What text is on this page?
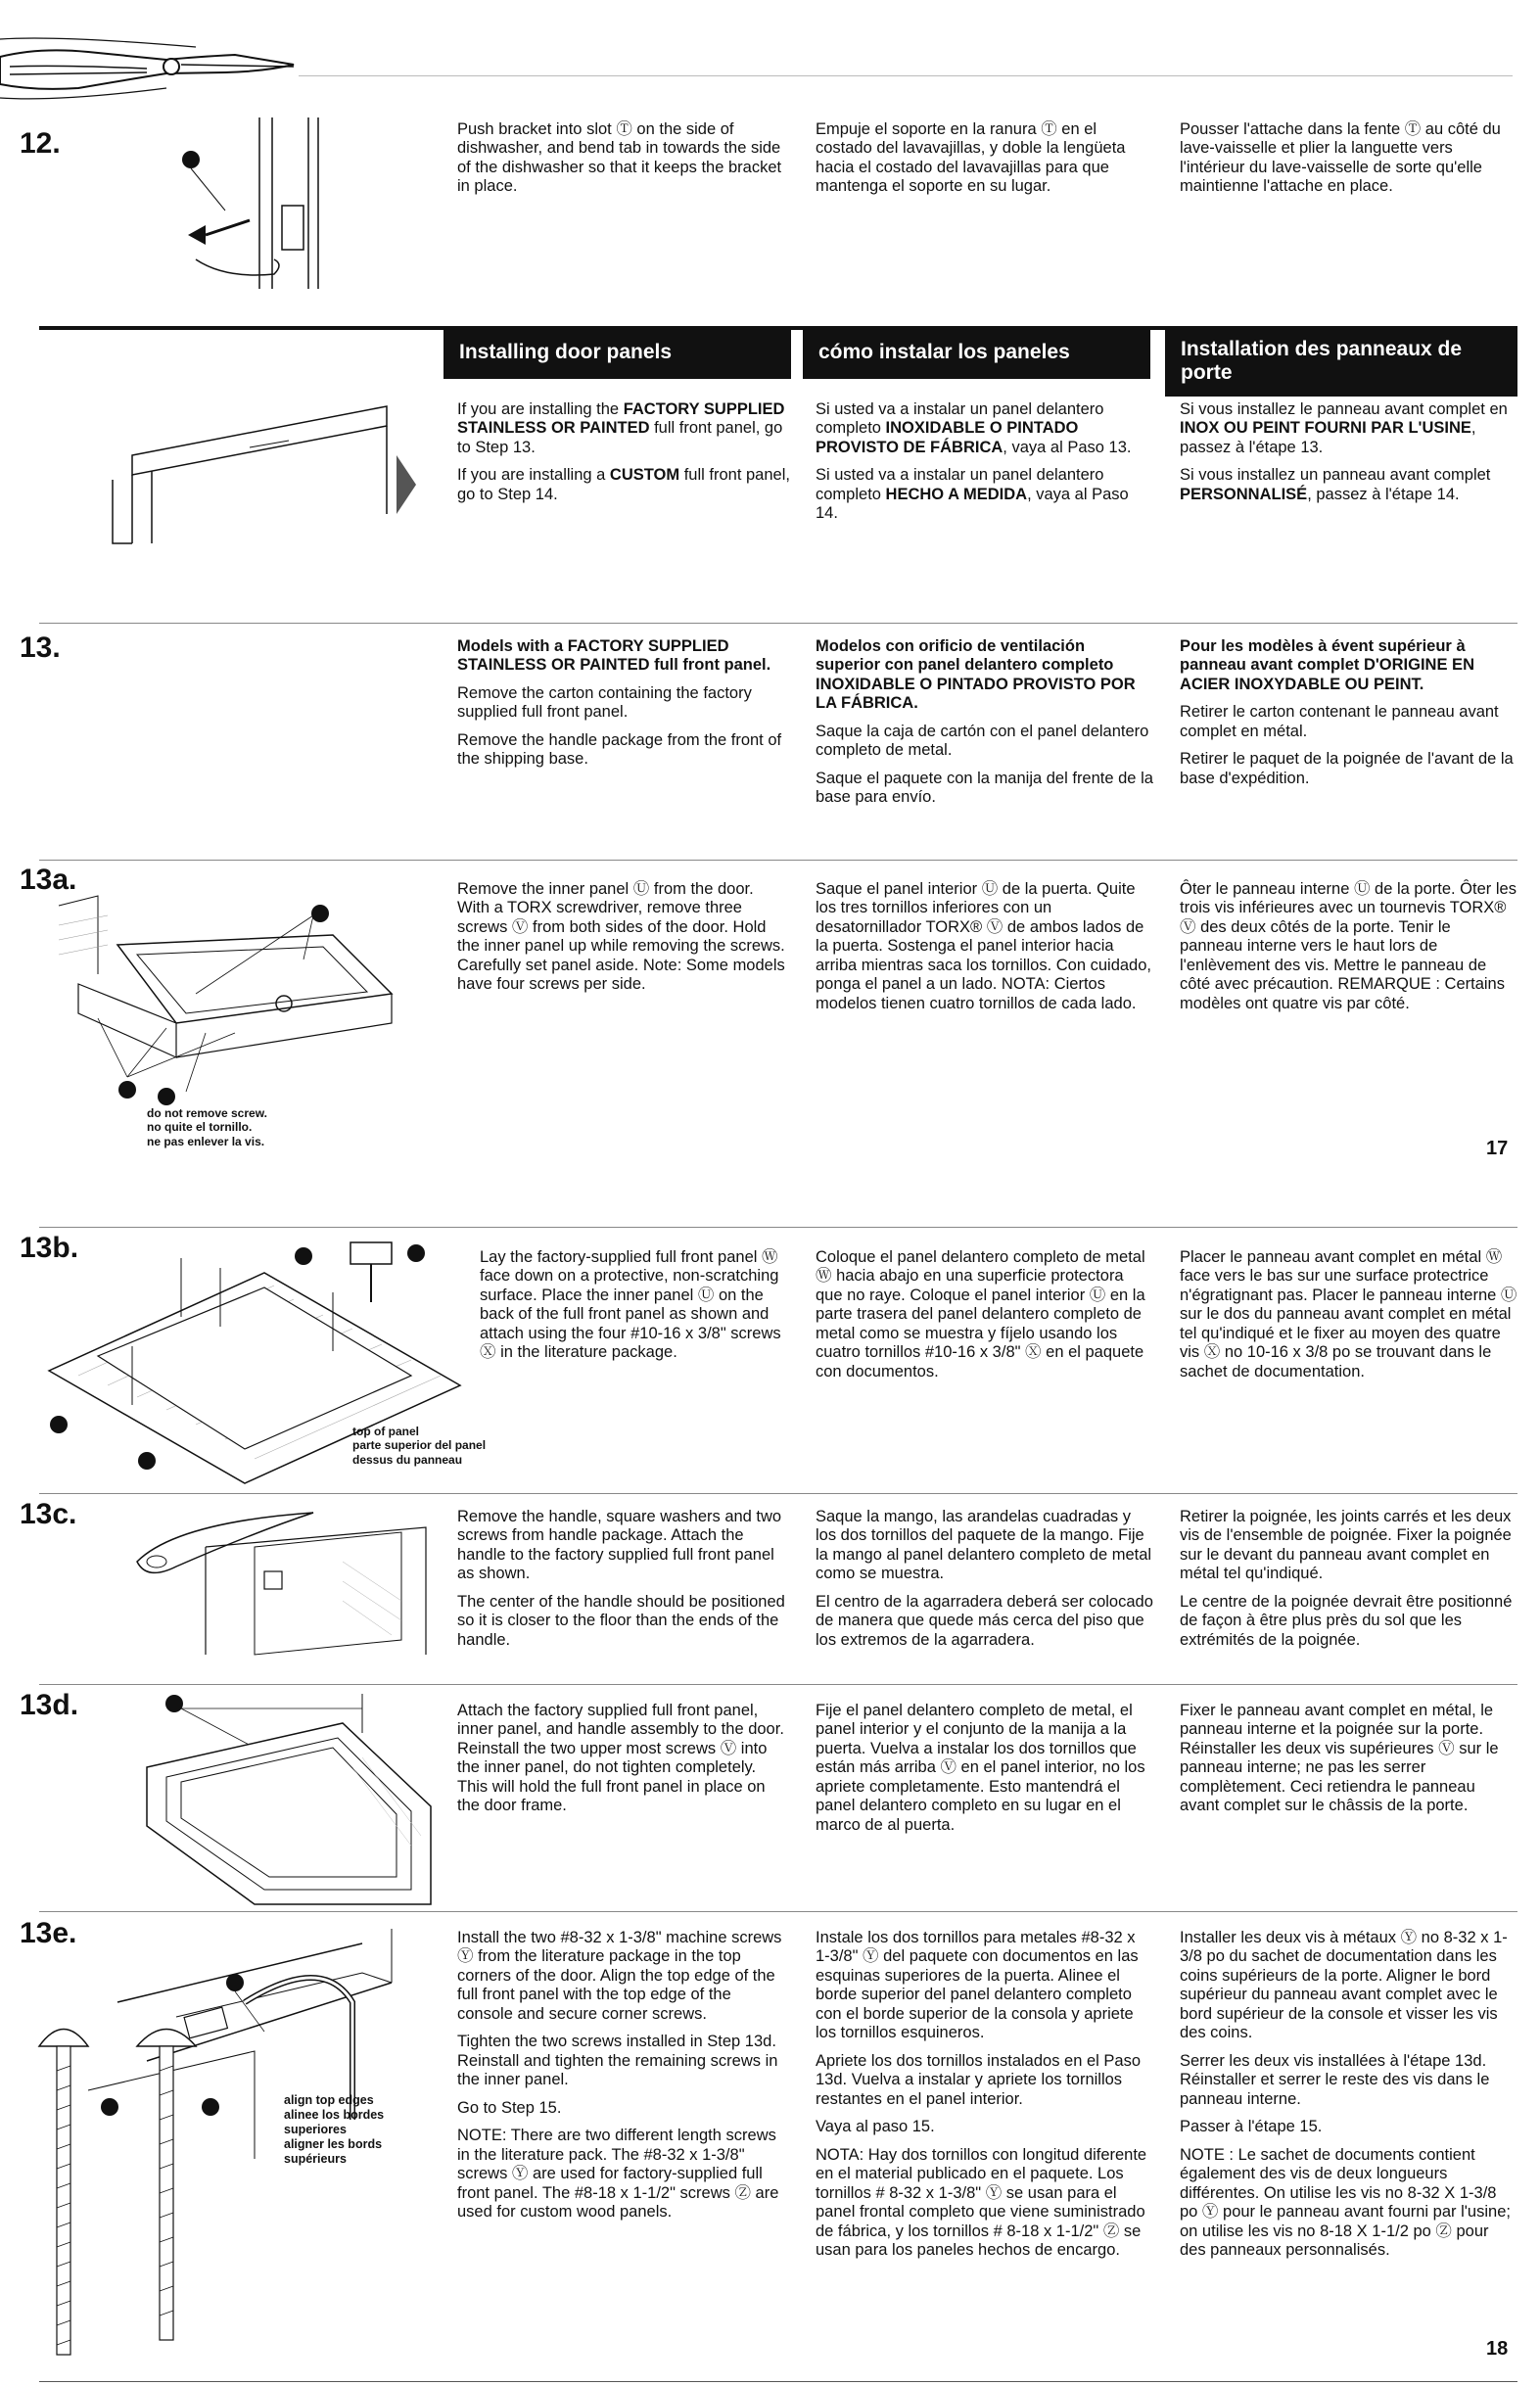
12.	Push bracket into slot Ⓣ on the side of dishwasher, and bend tab in towards the side of the dishwasher so that it keeps the bracket in place.
Empuje el soporte en la ranura Ⓣ en el costado del lavavajillas, y doble la lengüeta hacia el costado del lavavajillas para que mantenga el soporte en su lugar.
Pousser l'attache dans la fente Ⓣ au côté du lave-vaisselle et plier la languette vers l'intérieur du lave-vaisselle de sorte qu'elle maintienne l'attache en place.
Installing door panels	cómo instalar los paneles	Installation des panneaux de porte

If you are installing the FACTORY SUPPLIED STAINLESS OR PAINTED full front panel, go to Step 13.

If you are installing a CUSTOM full front panel, go to Step 14.

Si usted va a instalar un panel delantero completo INOXIDABLE O PINTADO PROVISTO DE FÁBRICA, vaya al Paso 13.

Si usted va a instalar un panel delantero completo HECHO A MEDIDA, vaya al Paso 14.

Si vous installez le panneau avant complet en INOX OU PEINT FOURNI PAR L'USINE, passez à l'étape 13.

Si vous installez un panneau avant complet PERSONNALISÉ, passez à l'étape 14.

13.	Models with a FACTORY SUPPLIED STAINLESS OR PAINTED full front panel.

Remove the carton containing the factory supplied full front panel.

Remove the handle package from the front of the shipping base.

Modelos con orificio de ventilación superior con panel delantero completo INOXIDABLE O PINTADO PROVISTO POR LA FÁBRICA.

Saque la caja de cartón con el panel delantero completo de metal.

Saque el paquete con la manija del frente de la base para envío.

Pour les modèles à évent supérieur à panneau avant complet D'ORIGINE EN ACIER INOXYDABLE OU PEINT.

Retirer le carton contenant le panneau avant complet en métal.

Retirer le paquet de la poignée de l'avant de la base d'expédition.

13a.
do not remove screw.
no quite el tornillo.
ne pas enlever la vis.
Remove the inner panel Ⓤ from the door. With a TORX screwdriver, remove three screws Ⓥ from both sides of the door. Hold the inner panel up while removing the screws. Carefully set panel aside. Note: Some models have four screws per side.
Saque el panel interior Ⓤ de la puerta. Quite los tres tornillos inferiores con un desatornillador TORX® Ⓥ de ambos lados de la puerta. Sostenga el panel interior hacia arriba mientras saca los tornillos. Con cuidado, ponga el panel a un lado. NOTA: Ciertos modelos tienen cuatro tornillos de cada lado.
Ôter le panneau interne Ⓤ de la porte. Ôter les trois vis inférieures avec un tournevis TORX® Ⓥ des deux côtés de la porte. Tenir le panneau interne vers le haut lors de l'enlèvement des vis. Mettre le panneau de côté avec précaution. REMARQUE : Certains modèles ont quatre vis par côté.
17
13b.
top of panel
parte superior del panel
dessus du panneau
Lay the factory-supplied full front panel Ⓦ face down on a protective, non-scratching surface. Place the inner panel Ⓤ on the back of the full front panel as shown and attach using the four #10-16 x 3/8" screws Ⓧ in the literature package.
Coloque el panel delantero completo de metal Ⓦ hacia abajo en una superficie protectora que no raye. Coloque el panel interior Ⓤ en la parte trasera del panel delantero completo de metal como se muestra y fíjelo usando los cuatro tornillos #10-16 x 3/8" Ⓧ en el paquete con documentos.
Placer le panneau avant complet en métal Ⓦ face vers le bas sur une surface protectrice n'égratignant pas. Placer le panneau interne Ⓤ sur le dos du panneau avant complet en métal tel qu'indiqué et le fixer au moyen des quatre vis Ⓧ no 10-16 x 3/8 po se trouvant dans le sachet de documentation.
13c.	Remove the handle, square washers and two screws from handle package. Attach the handle to the factory supplied full front panel as shown.

The center of the handle should be positioned so it is closer to the floor than the ends of the handle.

Saque la mango, las arandelas cuadradas y los dos tornillos del paquete de la mango. Fije la mango al panel delantero completo de metal como se muestra.

El centro de la agarradera deberá ser colocado de manera que quede más cerca del piso que los extremos de la agarradera.

Retirer la poignée, les joints carrés et les deux vis de l'ensemble de poignée. Fixer la poignée sur le devant du panneau avant complet en métal tel qu'indiqué.

Le centre de la poignée devrait être positionné de façon à être plus près du sol que les extrémités de la poignée.

13d.	Attach the factory supplied full front panel, inner panel, and handle assembly to the door. Reinstall the two upper most screws Ⓥ into the inner panel, do not tighten completely. This will hold the full front panel in place on the door frame.
Fije el panel delantero completo de metal, el panel interior y el conjunto de la manija a la puerta. Vuelva a instalar los dos tornillos que están más arriba Ⓥ en el panel interior, no los apriete completamente. Esto mantendrá el panel delantero completo en su lugar en el marco de al puerta.
Fixer le panneau avant complet en métal, le panneau interne et la poignée sur la porte. Réinstaller les deux vis supérieures Ⓥ sur le panneau interne; ne pas les serrer complètement. Ceci retiendra le panneau avant complet sur le châssis de la porte.
13e.
align top edges
alinee los bordes
superiores
aligner les bords
supérieurs

Install the two #8-32 x 1-3/8" machine screws Ⓨ from the literature package in the top corners of the door. Align the top edge of the full front panel with the top edge of the console and secure corner screws.

Tighten the two screws installed in Step 13d. Reinstall and tighten the remaining screws in the inner panel.

Go to Step 15.

NOTE: There are two different length screws in the literature pack. The #8-32 x 1-3/8" screws Ⓨ are used for factory-supplied full front panel. The #8-18 x 1-1/2" screws Ⓩ are used for custom wood panels.

Instale los dos tornillos para metales #8-32 x 1-3/8" Ⓨ del paquete con documentos en las esquinas superiores de la puerta. Alinee el borde superior del panel delantero completo con el borde superior de la consola y apriete los tornillos esquineros.

Apriete los dos tornillos instalados en el Paso 13d. Vuelva a instalar y apriete los tornillos restantes en el panel interior.

Vaya al paso 15.

NOTA: Hay dos tornillos con longitud diferente en el material publicado en el paquete. Los tornillos # 8-32 x 1-3/8" Ⓨ se usan para el panel frontal completo que viene suministrado de fábrica, y los tornillos # 8-18 x 1-1/2" Ⓩ se usan para los paneles hechos de encargo.

Installer les deux vis à métaux Ⓨ no 8-32 x 1-3/8 po du sachet de documentation dans les coins supérieurs de la porte. Aligner le bord supérieur du panneau avant complet avec le bord supérieur de la console et visser les vis des coins.

Serrer les deux vis installées à l'étape 13d. Réinstaller et serrer le reste des vis dans le panneau interne.

Passer à l'étape 15.

NOTE : Le sachet de documents contient également des vis de deux longueurs différentes. On utilise les vis no 8-32 X 1-3/8 po Ⓨ pour le panneau avant fourni par l'usine; on utilise les vis no 8-18 X 1-1/2 po Ⓩ pour des panneaux personnalisés.

18
